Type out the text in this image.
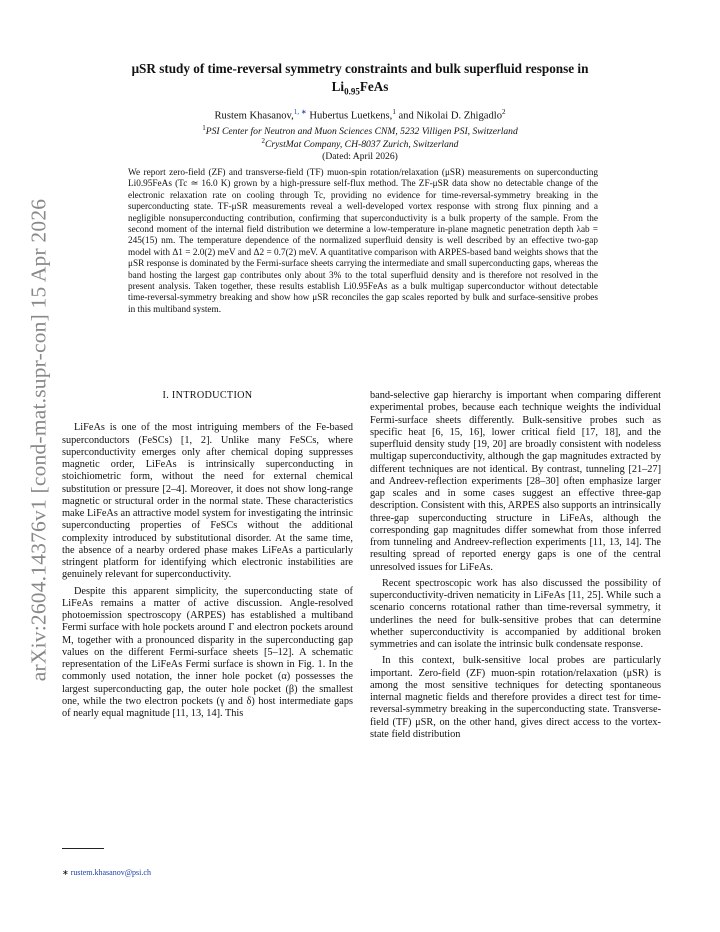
arXiv:2604.14376v1 [cond-mat.supr-con] 15 Apr 2026
μSR study of time-reversal symmetry constraints and bulk superfluid response in
$Li_{0.95}FeAs$
Rustem Khasanov,$^{1, ∗}$ Hubertus Luetkens,$^1$ and Nikolai D. Zhigadlo$^2$
$^1$PSI Center for Neutron and Muon Sciences CNM, 5232 Villigen PSI, Switzerland
$^2$CrystMat Company, CH-8037 Zurich, Switzerland
(Dated: April 2026)
We report zero-field (ZF) and transverse-field (TF) muon-spin rotation/relaxation (μSR) measurements on superconducting Li0.95FeAs (Tc ≃ 16.0 K) grown by a high-pressure self-flux method. The ZF-μSR data show no detectable change of the electronic relaxation rate on cooling through Tc, providing no evidence for time-reversal-symmetry breaking in the superconducting state. TF-μSR measurements reveal a well-developed vortex response with strong flux pinning and a negligible nonsuperconducting contribution, confirming that superconductivity is a bulk property of the sample. From the second moment of the internal field distribution we determine a low-temperature in-plane magnetic penetration depth λab = 245(15) nm. The temperature dependence of the normalized superfluid density is well described by an effective two-gap model with Δ1 = 2.0(2) meV and Δ2 = 0.7(2) meV. A quantitative comparison with ARPES-based band weights shows that the μSR response is dominated by the Fermi-surface sheets carrying the intermediate and small superconducting gaps, whereas the band hosting the largest gap contributes only about 3% to the total superfluid density and is therefore not resolved in the present analysis. Taken together, these results establish Li0.95FeAs as a bulk multigap superconductor without detectable time-reversal-symmetry breaking and show how μSR reconciles the gap scales reported by bulk and surface-sensitive probes in this multiband system.
I. INTRODUCTION

LiFeAs is one of the most intriguing members of the Fe-based superconductors (FeSCs) [1, 2]. Unlike many FeSCs, where superconductivity emerges only after chemical doping suppresses magnetic order, LiFeAs is intrinsically superconducting in stoichiometric form, without the need for external chemical substitution or pressure [2–4]. Moreover, it does not show long-range magnetic or structural order in the normal state. These characteristics make LiFeAs an attractive model system for investigating the intrinsic superconducting properties of FeSCs without the additional complexity introduced by substitutional disorder. At the same time, the absence of a nearby ordered phase makes LiFeAs a particularly stringent platform for identifying which electronic instabilities are genuinely relevant for superconductivity.

Despite this apparent simplicity, the superconducting state of LiFeAs remains a matter of active discussion. Angle-resolved photoemission spectroscopy (ARPES) has established a multiband Fermi surface with hole pockets around Γ and electron pockets around M, together with a pronounced disparity in the superconducting gap values on the different Fermi-surface sheets [5–12]. A schematic representation of the LiFeAs Fermi surface is shown in Fig. 1. In the commonly used notation, the inner hole pocket (α) possesses the largest superconducting gap, the outer hole pocket (β) the smallest one, while the two electron pockets (γ and δ) host intermediate gaps of nearly equal magnitude [11, 13, 14]. This

band-selective gap hierarchy is important when comparing different experimental probes, because each technique weights the individual Fermi-surface sheets differently. Bulk-sensitive probes such as specific heat [6, 15, 16], lower critical field [17, 18], and the superfluid density study [19, 20] are broadly consistent with nodeless multigap superconductivity, although the gap magnitudes extracted by different techniques are not identical. By contrast, tunneling [21–27] and Andreev-reflection experiments [28–30] often emphasize larger gap scales and in some cases suggest an effective three-gap description. Consistent with this, ARPES also supports an intrinsically three-gap superconducting structure in LiFeAs, although the corresponding gap magnitudes differ somewhat from those inferred from tunneling and Andreev-reflection experiments [11, 13, 14]. The resulting spread of reported energy gaps is one of the central unresolved issues for LiFeAs.

Recent spectroscopic work has also discussed the possibility of superconductivity-driven nematicity in LiFeAs [11, 25]. While such a scenario concerns rotational rather than time-reversal symmetry, it underlines the need for bulk-sensitive probes that can determine whether superconductivity is accompanied by additional broken symmetries and can isolate the intrinsic bulk condensate response.

In this context, bulk-sensitive local probes are particularly important. Zero-field (ZF) muon-spin rotation/relaxation (μSR) is among the most sensitive techniques for detecting spontaneous internal magnetic fields and therefore provides a direct test for time-reversal-symmetry breaking in the superconducting state. Transverse-field (TF) μSR, on the other hand, gives direct access to the vortex-state field distribution

∗ rustem.khasanov@psi.ch
